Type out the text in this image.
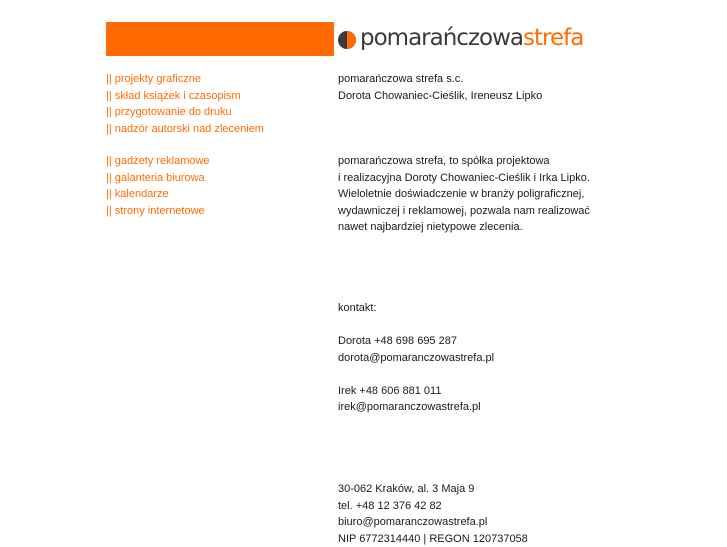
pomarańczowastrefa
|| projekty graficzne
|| skład książek i czasopism
|| przygotowanie do druku
|| nadzór autorski nad zleceniem
|| gadżety reklamowe
|| galanteria biurowa
|| kalendarze
|| strony internetowe
pomarańczowa strefa s.c.
Dorota Chowaniec-Cieślik, Ireneusz Lipko
pomarańczowa strefa, to spółka projektowa
i realizacyjna Doroty Chowaniec-Cieślik i Irka Lipko.
Wieloletnie doświadczenie w branży poligraficznej,
wydawniczej i reklamowej, pozwala nam realizować
nawet najbardziej nietypowe zlecenia.
kontakt:
Dorota +48 698 695 287
dorota@pomaranczowastrefa.pl
Irek +48 606 881 011
irek@pomaranczowastrefa.pl
30-062 Kraków, al. 3 Maja 9
tel. +48 12 376 42 82
biuro@pomaranczowastrefa.pl
NIP 6772314440 | REGON 120737058
